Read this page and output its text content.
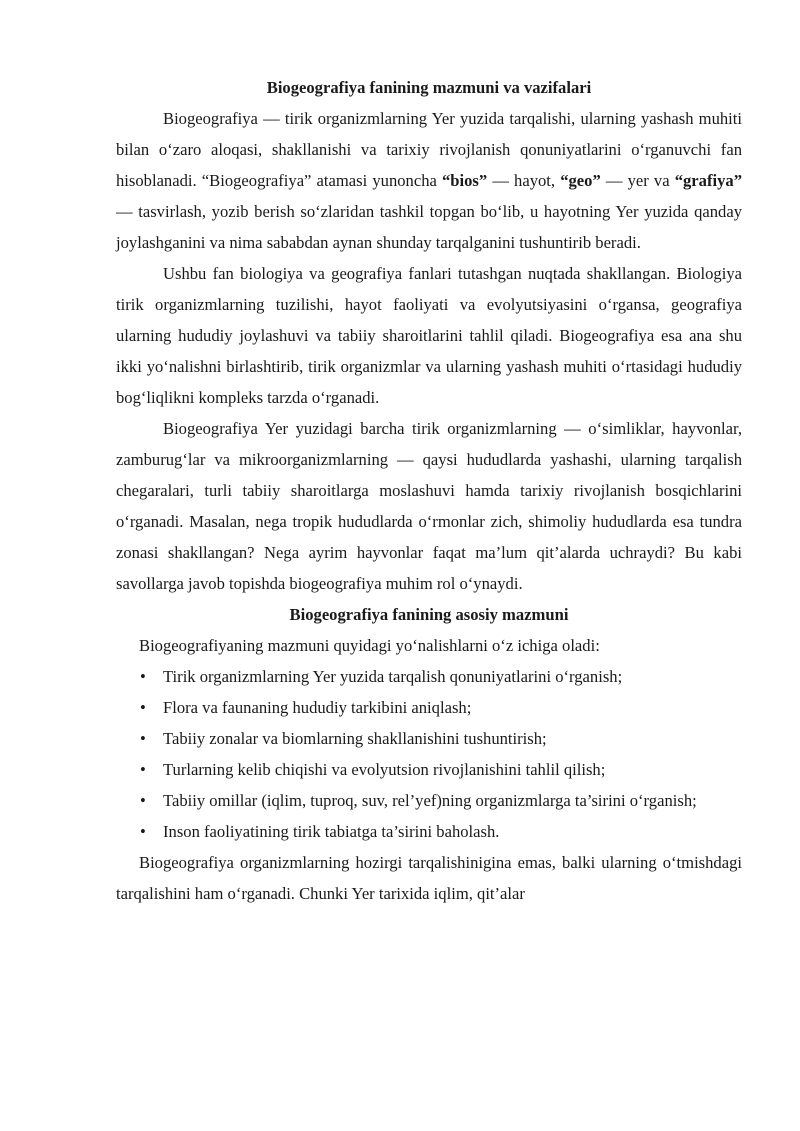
Biogeografiya fanining mazmuni va vazifalari

Biogeografiya — tirik organizmlarning Yer yuzida tarqalishi, ularning yashash muhiti bilan o‘zaro aloqasi, shakllanishi va tarixiy rivojlanish qonuniyatlarini o‘rganuvchi fan hisoblanadi. “Biogeografiya” atamasi yunoncha “bios” — hayot, “geo” — yer va “grafiya” — tasvirlash, yozib berish so‘zlaridan tashkil topgan bo‘lib, u hayotning Yer yuzida qanday joylashganini va nima sababdan aynan shunday tarqalganini tushuntirib beradi.

Ushbu fan biologiya va geografiya fanlari tutashgan nuqtada shakllangan. Biologiya tirik organizmlarning tuzilishi, hayot faoliyati va evolyutsiyasini o‘rgansa, geografiya ularning hududiy joylashuvi va tabiiy sharoitlarini tahlil qiladi. Biogeografiya esa ana shu ikki yo‘nalishni birlashtirib, tirik organizmlar va ularning yashash muhiti o‘rtasidagi hududiy bog‘liqlikni kompleks tarzda o‘rganadi.

Biogeografiya Yer yuzidagi barcha tirik organizmlarning — o‘simliklar, hayvonlar, zamburug‘lar va mikroorganizmlarning — qaysi hududlarda yashashi, ularning tarqalish chegaralari, turli tabiiy sharoitlarga moslashuvi hamda tarixiy rivojlanish bosqichlarini o‘rganadi. Masalan, nega tropik hududlarda o‘rmonlar zich, shimoliy hududlarda esa tundra zonasi shakllangan? Nega ayrim hayvonlar faqat ma’lum qit’alarda uchraydi? Bu kabi savollarga javob topishda biogeografiya muhim rol o‘ynaydi.

Biogeografiya fanining asosiy mazmuni

Biogeografiyaning mazmuni quyidagi yo‘nalishlarni o‘z ichiga oladi:

• Tirik organizmlarning Yer yuzida tarqalish qonuniyatlarini o‘rganish;
• Flora va faunaning hududiy tarkibini aniqlash;
• Tabiiy zonalar va biomlarning shakllanishini tushuntirish;
• Turlarning kelib chiqishi va evolyutsion rivojlanishini tahlil qilish;
• Tabiiy omillar (iqlim, tuproq, suv, rel’yef)ning organizmlarga ta’sirini o‘rganish;
• Inson faoliyatining tirik tabiatga ta’sirini baholash.

Biogeografiya organizmlarning hozirgi tarqalishinigina emas, balki ularning o‘tmishdagi tarqalishini ham o‘rganadi. Chunki Yer tarixida iqlim, qit’alar
